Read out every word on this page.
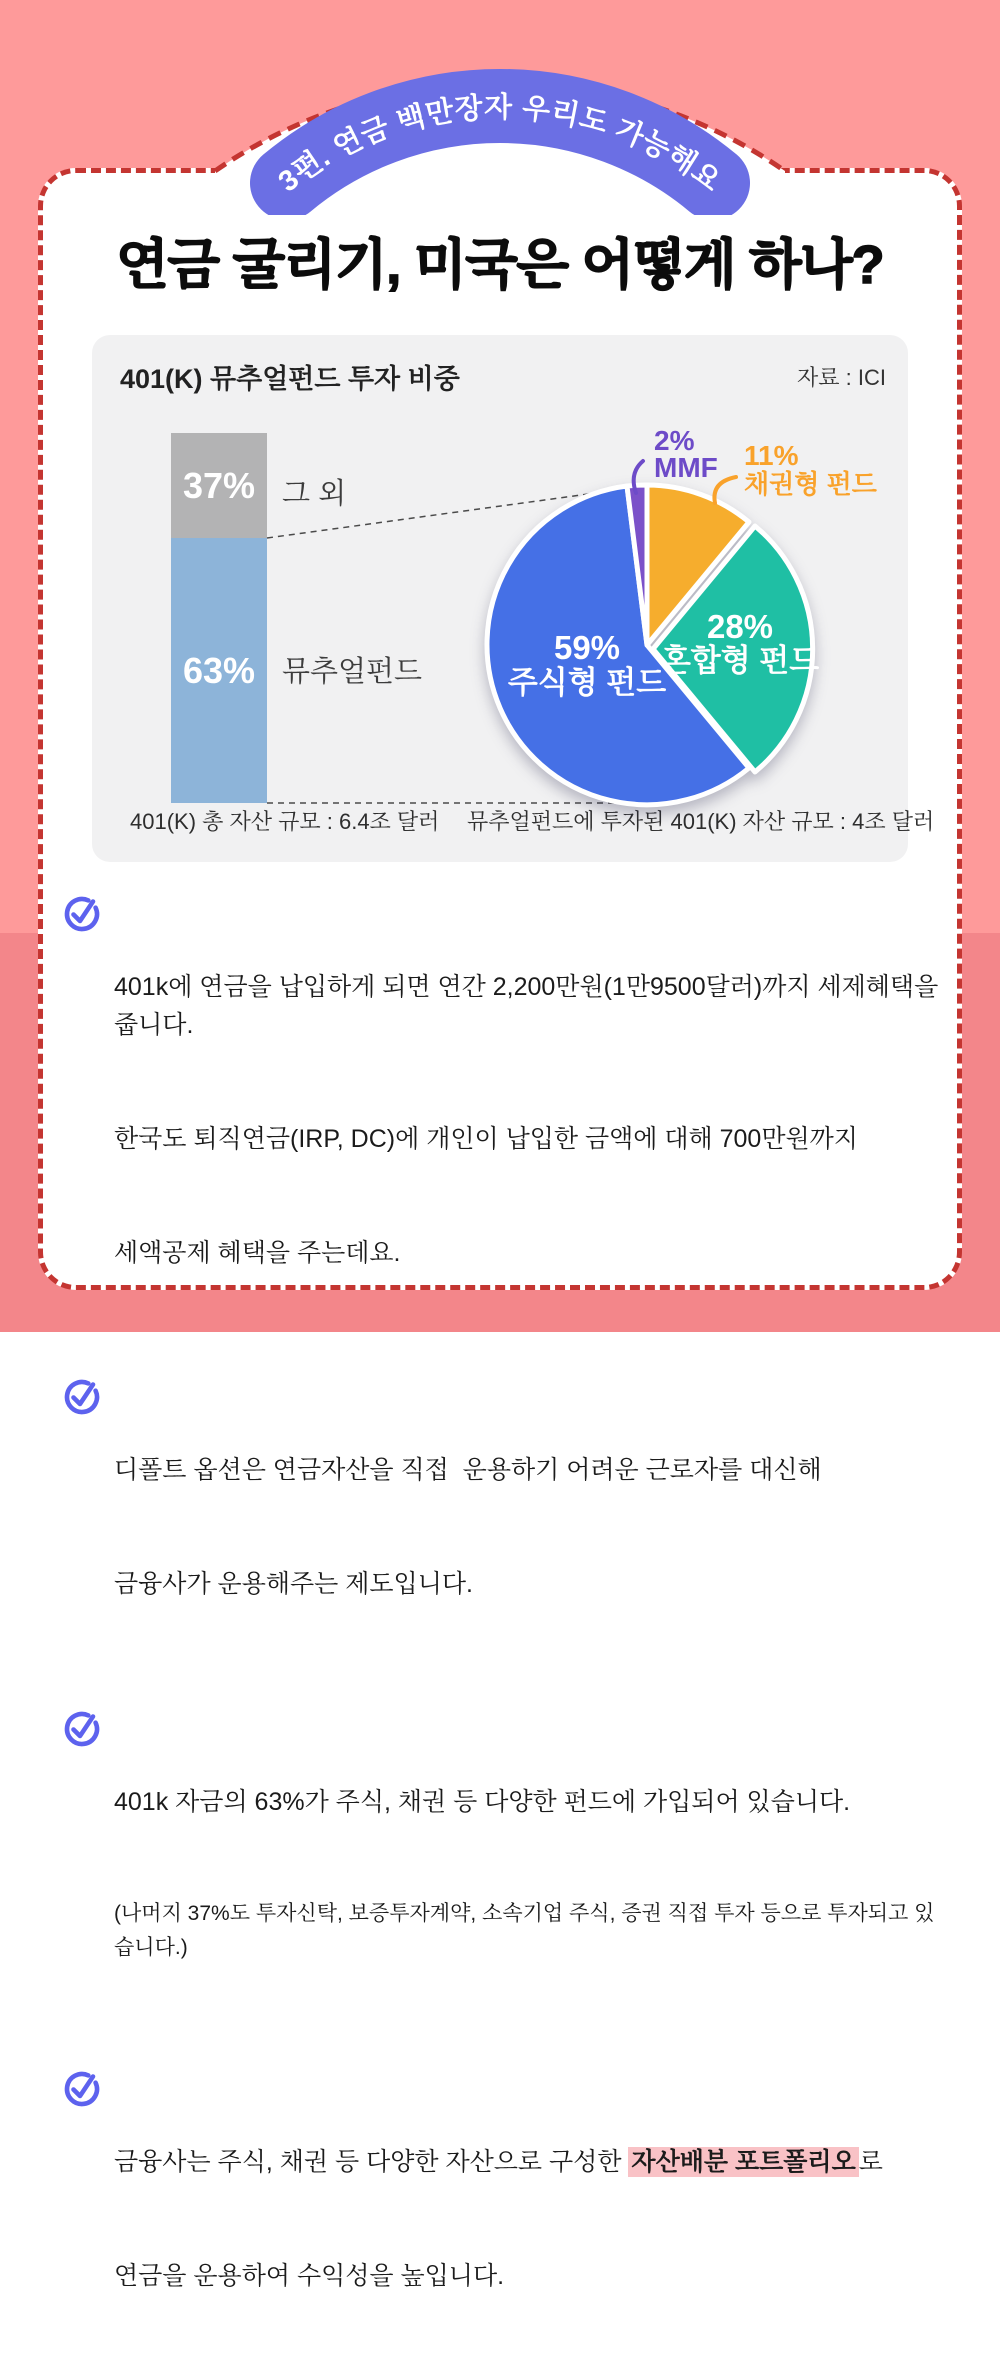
3편. 연금 백만장자 우리도 가능해요
연금 굴리기, 미국은 어떻게 하나?
401(K) 뮤추얼펀드 투자 비중	자료 : ICI
37%
63%
그 외
뮤추얼펀드
401(K) 총 자산 규모 : 6.4조 달러 뮤추얼펀드에 투자된 401(K) 자산 규모 : 4조 달러
59%
주식형 펀드
28%
혼합형 펀드
2%
MMF 11%
채권형 펀드

401k에 연금을 납입하게 되면 연간 2,200만원(1만9500달러)까지 세제혜택을 줍니다.

한국도 퇴직연금(IRP, DC)에 개인이 납입한 금액에 대해 700만원까지

세액공제 혜택을 주는데요.

디폴트 옵션은 연금자산을 직접  운용하기 어려운 근로자를 대신해

금융사가 운용해주는 제도입니다.

401k 자금의 63%가 주식, 채권 등 다양한 펀드에 가입되어 있습니다.

(나머지 37%도 투자신탁, 보증투자계약, 소속기업 주식, 증권 직접 투자 등으로 투자되고 있습니다.)

금융사는 주식, 채권 등 다양한 자산으로 구성한 자산배분 포트폴리오 로

연금을 운용하여 수익성을 높입니다.
